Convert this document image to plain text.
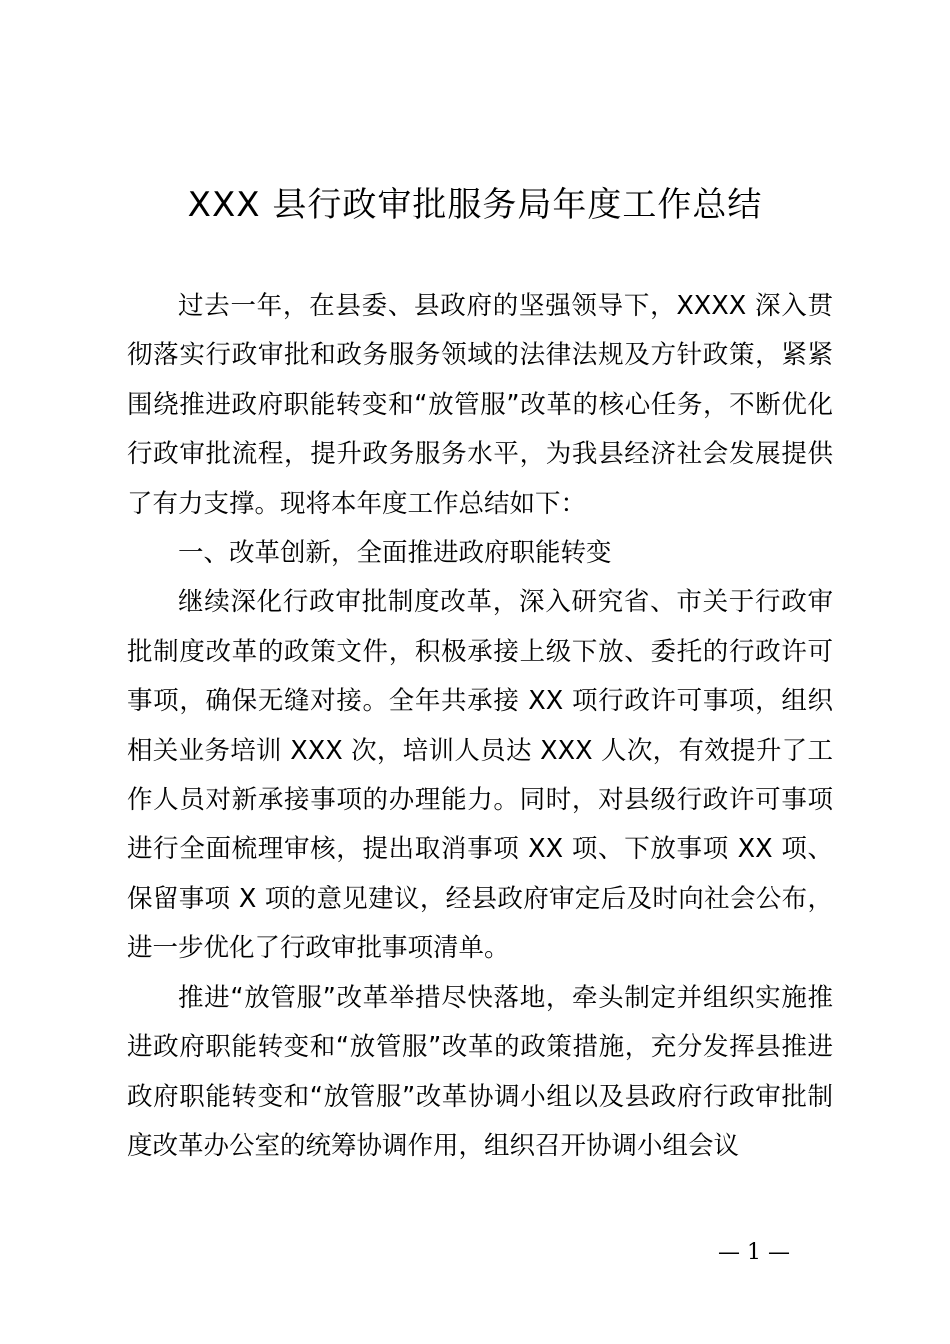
XXX 县行政审批服务局年度工作总结

过去一年，在县委、县政府的坚强领导下，XXXX 深入贯彻落实行政审批和政务服务领域的法律法规及方针政策，紧紧围绕推进政府职能转变和“放管服”改革的核心任务，不断优化行政审批流程，提升政务服务水平，为我县经济社会发展提供了有力支撑。现将本年度工作总结如下：

一、改革创新，全面推进政府职能转变

继续深化行政审批制度改革，深入研究省、市关于行政审批制度改革的政策文件，积极承接上级下放、委托的行政许可事项，确保无缝对接。全年共承接 XX 项行政许可事项，组织相关业务培训 XXX 次，培训人员达 XXX 人次，有效提升了工作人员对新承接事项的办理能力。同时，对县级行政许可事项进行全面梳理审核，提出取消事项 XX 项、下放事项 XX 项、保留事项 X 项的意见建议，经县政府审定后及时向社会公布，进一步优化了行政审批事项清单。

推进“放管服”改革举措尽快落地，牵头制定并组织实施推进政府职能转变和“放管服”改革的政策措施，充分发挥县推进政府职能转变和“放管服”改革协调小组以及县政府行政审批制度改革办公室的统筹协调作用，组织召开协调小组会议

— 1 —
